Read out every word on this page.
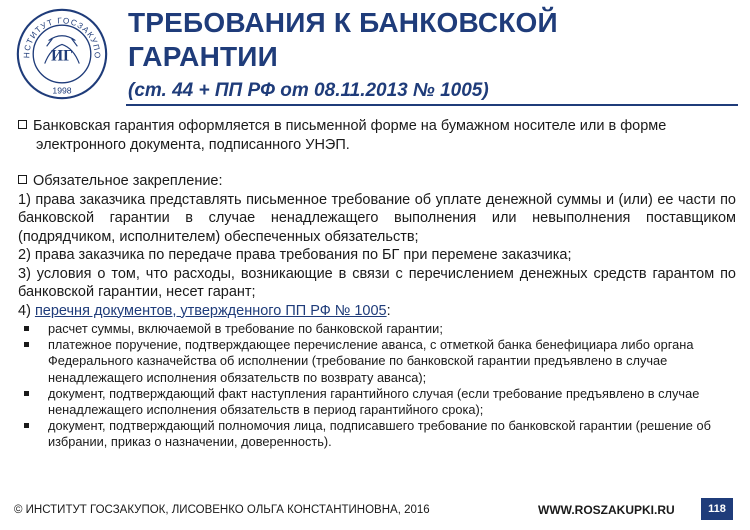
НСТИТУТ ГОСЗАКУПО
ИГ
1998
ТРЕБОВАНИЯ К БАНКОВСКОЙ
ГАРАНТИИ
(ст. 44 + ПП РФ от 08.11.2013 № 1005)

Банковская гарантия оформляется в письменной форме на бумажном носителе или в форме электронного документа, подписанного УНЭП.

Обязательное закрепление:

1) права заказчика представлять письменное требование об уплате денежной суммы и (или) ее части по банковской гарантии в случае ненадлежащего выполнения или невыполнения поставщиком (подрядчиком, исполнителем) обеспеченных обязательств;

2) права заказчика по передаче права требования по БГ при перемене заказчика;

3) условия о том, что расходы, возникающие в связи с перечислением денежных средств гарантом по банковской гарантии, несет гарант;

4) перечня документов, утвержденного ПП РФ № 1005:

расчет суммы, включаемой в требование по банковской гарантии;
платежное поручение, подтверждающее перечисление аванса, с отметкой банка бенефициара либо органа Федерального казначейства об исполнении (требование по банковской гарантии предъявлено в случае ненадлежащего исполнения обязательств по возврату аванса);
документ, подтверждающий факт наступления гарантийного случая (если требование предъявлено в случае ненадлежащего исполнения обязательств в период гарантийного срока);
документ, подтверждающий полномочия лица, подписавшего требование по банковской гарантии (решение об избрании, приказ о назначении, доверенность).
© ИНСТИТУТ ГОСЗАКУПОК, ЛИСОВЕНКО ОЛЬГА КОНСТАНТИНОВНА, 2016	WWW.ROSZAKUPKI.RU	118
